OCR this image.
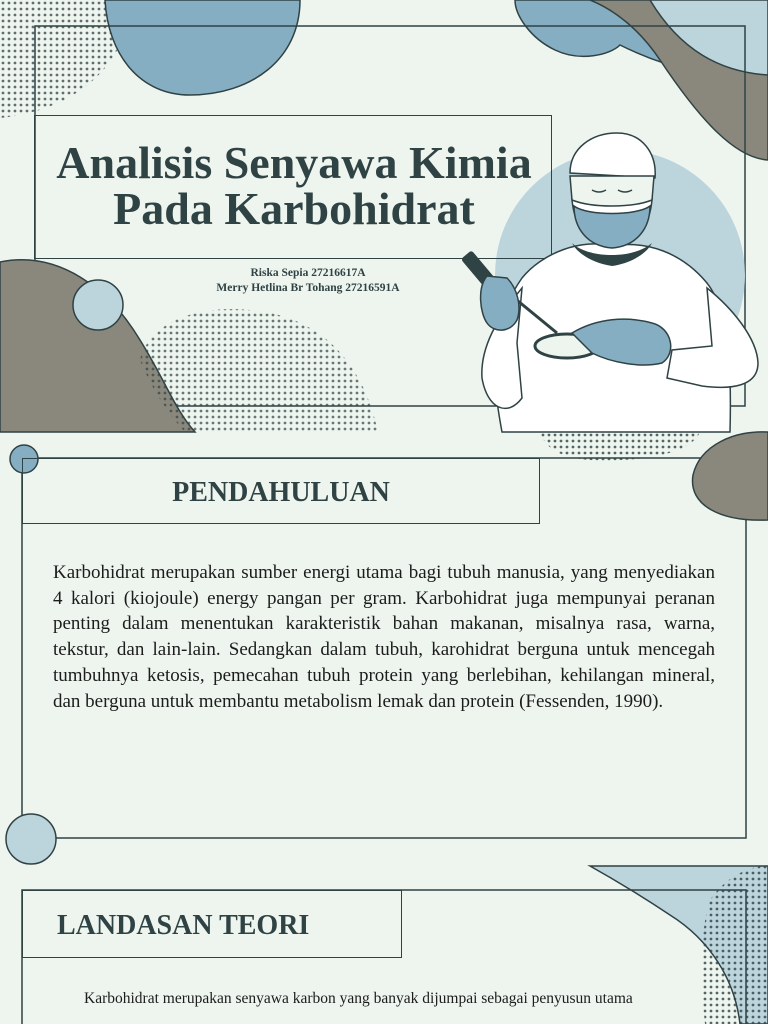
Analisis Senyawa Kimia
Pada Karbohidrat
Riska Sepia 27216617A
Merry Hetlina Br Tohang 27216591A
PENDAHULUAN
Karbohidrat merupakan sumber energi utama bagi tubuh manusia, yang menyediakan 4 kalori (kiojoule) energy pangan per gram. Karbohidrat juga mempunyai peranan penting dalam menentukan karakteristik bahan makanan, misalnya rasa, warna, tekstur, dan lain-lain. Sedangkan dalam tubuh, karohidrat berguna untuk mencegah tumbuhnya ketosis, pemecahan tubuh protein yang berlebihan, kehilangan mineral, dan berguna untuk membantu metabolism lemak dan protein (Fessenden, 1990).
LANDASAN TEORI
Karbohidrat merupakan senyawa karbon yang banyak dijumpai sebagai penyusun utama
